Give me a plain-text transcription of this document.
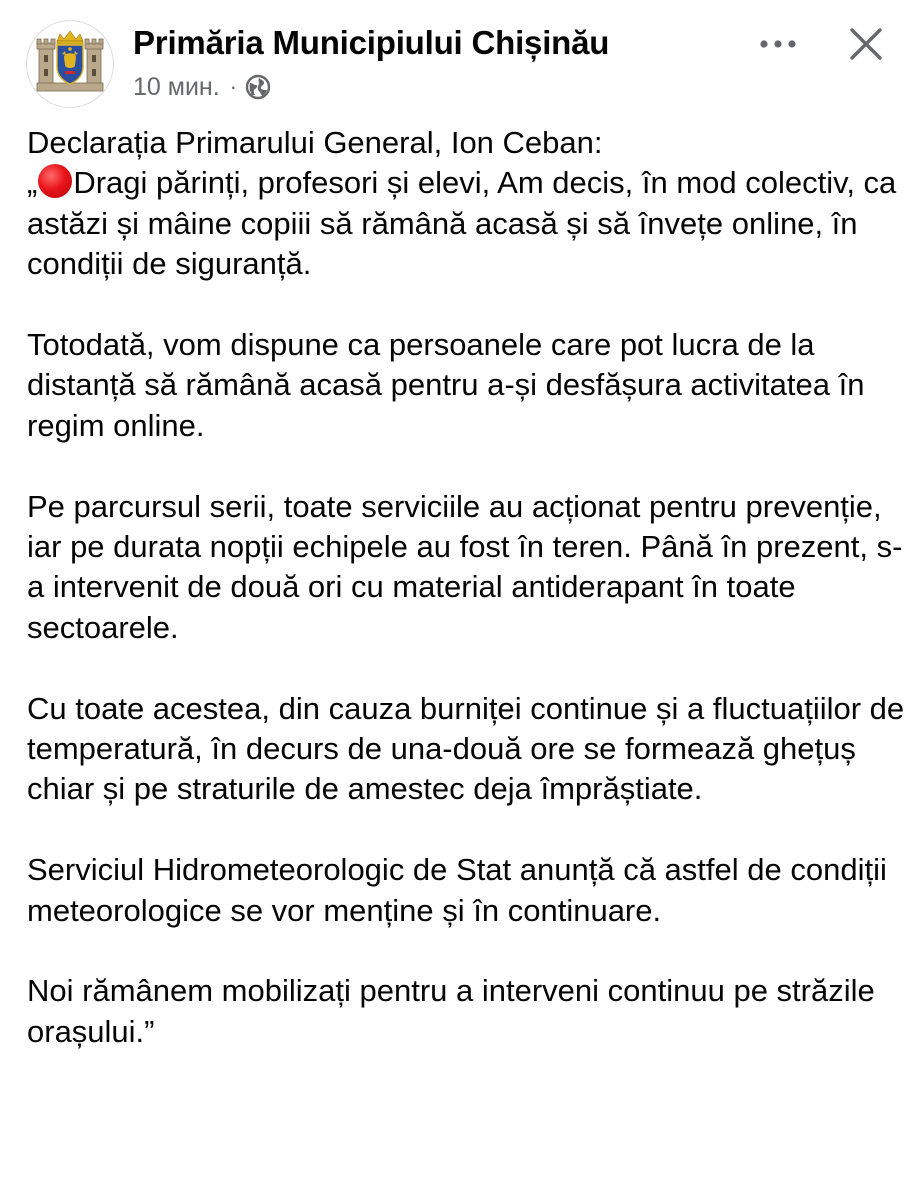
Primăria Municipiului Chișinău
10 мин. ·

Declarația Primarului General, Ion Ceban:
„ Dragi părinți, profesori și elevi, Am decis, în mod colectiv, ca astăzi și mâine copiii să rămână acasă și să învețe online, în condiții de siguranță.

Totodată, vom dispune ca persoanele care pot lucra de la distanță să rămână acasă pentru a-și desfășura activitatea în regim online.

Pe parcursul serii, toate serviciile au acționat pentru prevenție, iar pe durata nopții echipele au fost în teren. Până în prezent, s-a intervenit de două ori cu material antiderapant în toate sectoarele.

Cu toate acestea, din cauza burniței continue și a fluctuațiilor de temperatură, în decurs de una-două ore se formează ghețuș chiar și pe straturile de amestec deja împrăștiate.

Serviciul Hidrometeorologic de Stat anunță că astfel de condiții meteorologice se vor menține și în continuare.

Noi rămânem mobilizați pentru a interveni continuu pe străzile orașului.”
